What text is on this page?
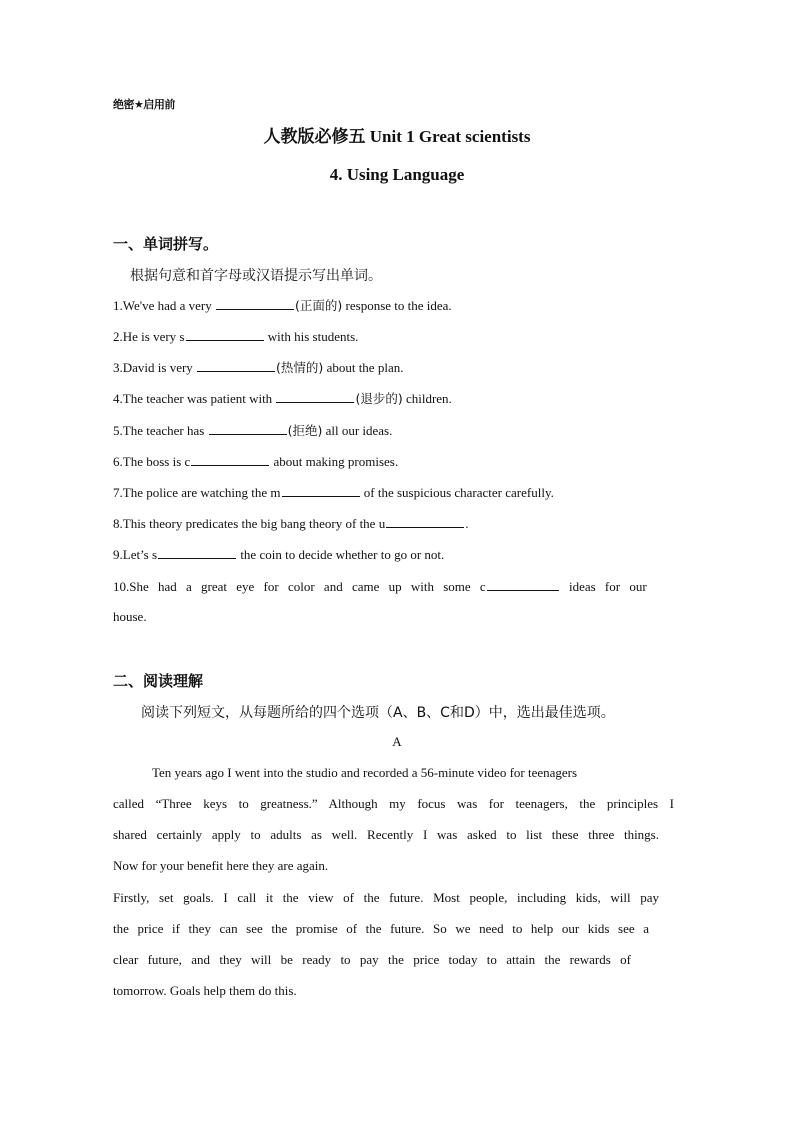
绝密★启用前
人教版必修五 Unit 1 Great scientists
4. Using Language
一、单词拼写。
根据句意和首字母或汉语提示写出单词。
1.We've had a very	(正面的) response to the idea.
2.He is very s	with his students.
3.David is very	(热情的) about the plan.
4.The teacher was patient with	(退步的) children.
5.The teacher has	(拒绝) all our ideas.
6.The boss is c	about making promises.
7.The police are watching the m	of the suspicious character carefully.
8.This theory predicates the big bang theory of the u	.
9.Let’s s	the coin to decide whether to go or not.
10.She had a great eye for color and came up with some c	ideas for our
house.
二、阅读理解
阅读下列短文，从每题所给的四个选项（A、B、C和D）中，选出最佳选项。
A
Ten years ago I went into the studio and recorded a 56-minute video for teenagers
called “Three keys to greatness.” Although my focus was for teenagers, the principles I
shared certainly apply to adults as well. Recently I was asked to list these three things.
Now for your benefit here they are again.
Firstly, set goals. I call it the view of the future. Most people, including kids, will pay
the price if they can see the promise of the future. So we need to help our kids see a
clear future, and they will be ready to pay the price today to attain the rewards of
tomorrow. Goals help them do this.
